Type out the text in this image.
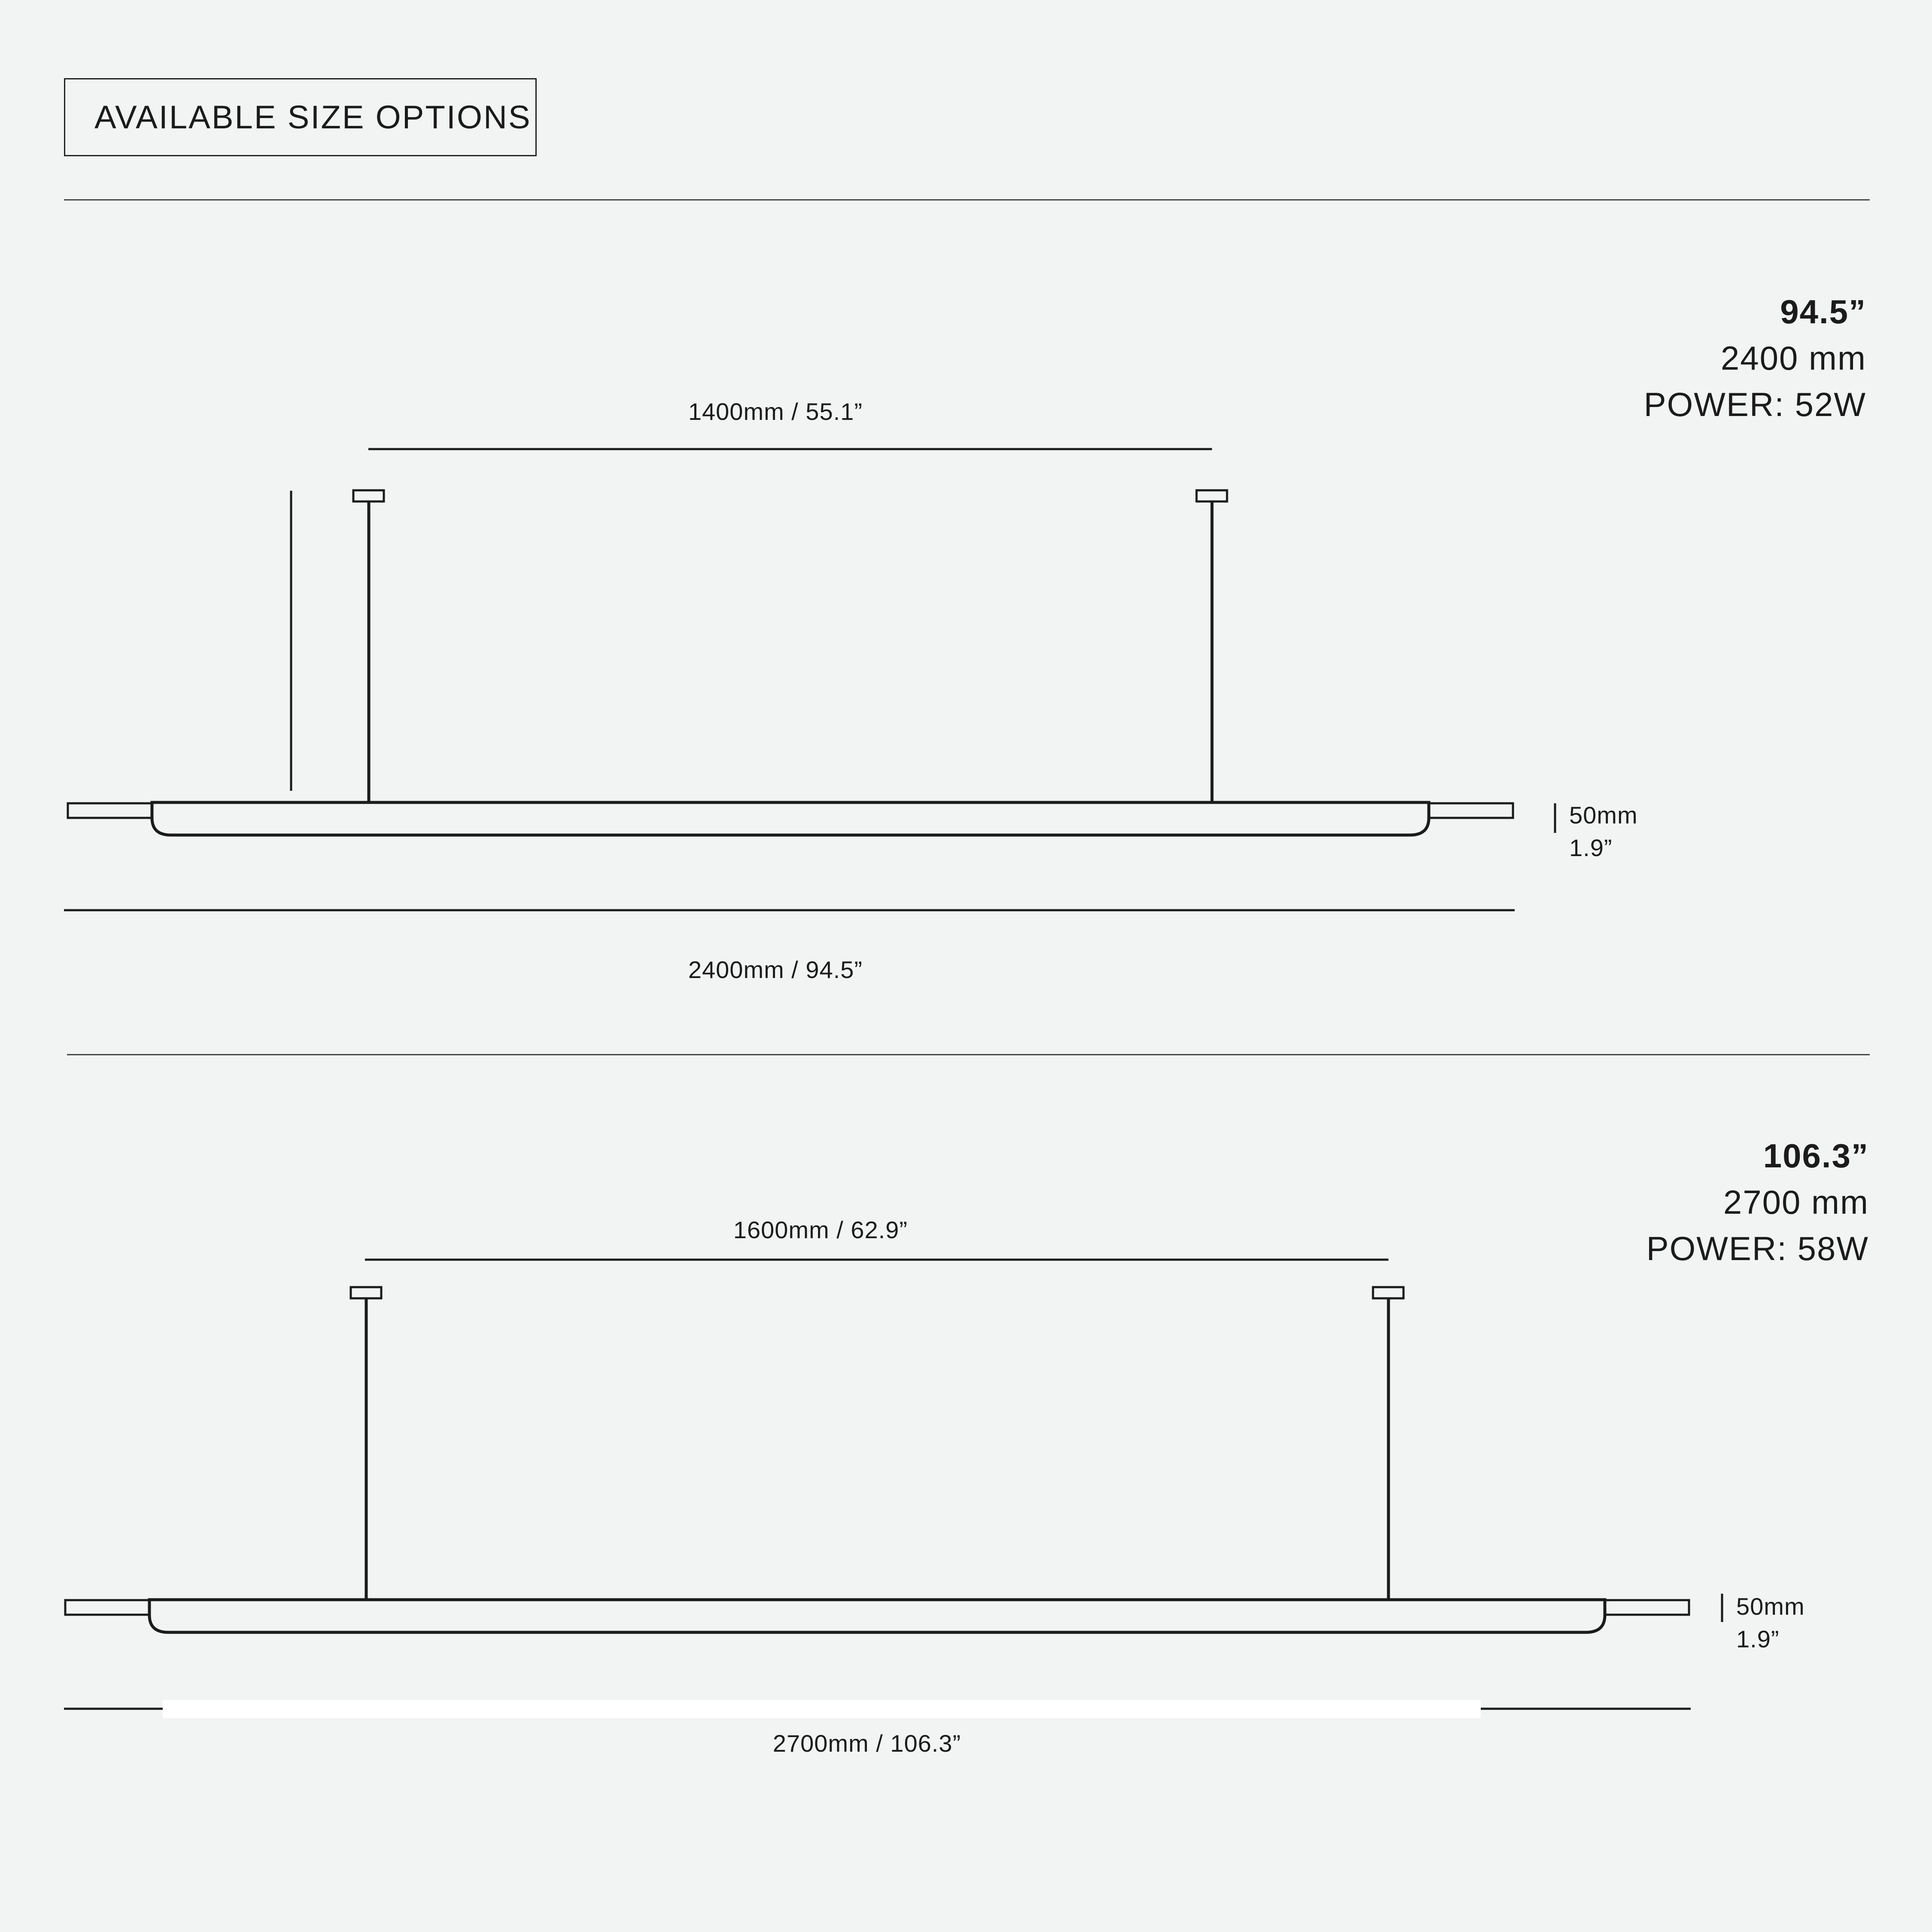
AVAILABLE SIZE OPTIONS
94.5”
2400 mm
POWER: 52W
106.3”
2700 mm
POWER: 58W
1400mm / 55.1”
2400mm / 94.5”
50mm
1.9”
1600mm / 62.9”
2700mm / 106.3”
50mm
1.9”
